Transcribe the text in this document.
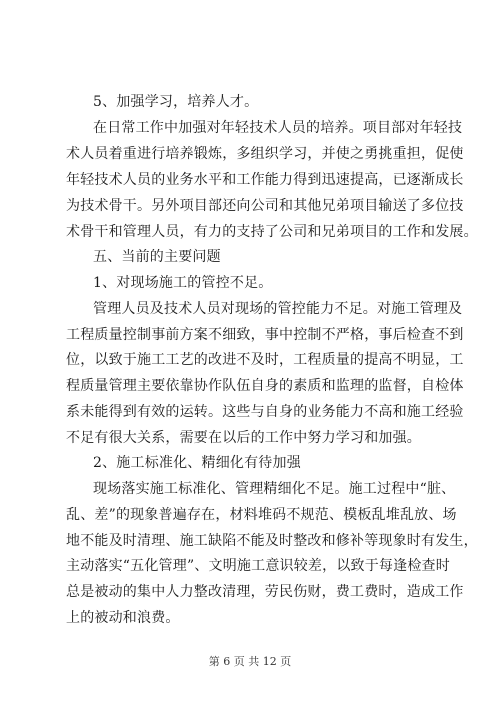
5、加强学习，培养人才。
在日常工作中加强对年轻技术人员的培养。项目部对年轻技
术人员着重进行培养锻炼，多组织学习，并使之勇挑重担，促使
年轻技术人员的业务水平和工作能力得到迅速提高，已逐渐成长
为技术骨干。另外项目部还向公司和其他兄弟项目输送了多位技
术骨干和管理人员，有力的支持了公司和兄弟项目的工作和发展。
五、当前的主要问题
1、对现场施工的管控不足。
管理人员及技术人员对现场的管控能力不足。对施工管理及
工程质量控制事前方案不细致，事中控制不严格，事后检查不到
位，以致于施工工艺的改进不及时，工程质量的提高不明显，工
程质量管理主要依靠协作队伍自身的素质和监理的监督，自检体
系未能得到有效的运转。这些与自身的业务能力不高和施工经验
不足有很大关系，需要在以后的工作中努力学习和加强。
2、施工标准化、精细化有待加强
现场落实施工标准化、管理精细化不足。施工过程中“脏、
乱、差”的现象普遍存在，材料堆码不规范、模板乱堆乱放、场
地不能及时清理、施工缺陷不能及时整改和修补等现象时有发生，
主动落实“五化管理”、文明施工意识较差，以致于每逢检查时
总是被动的集中人力整改清理，劳民伤财，费工费时，造成工作
上的被动和浪费。
第 6 页 共 12 页
